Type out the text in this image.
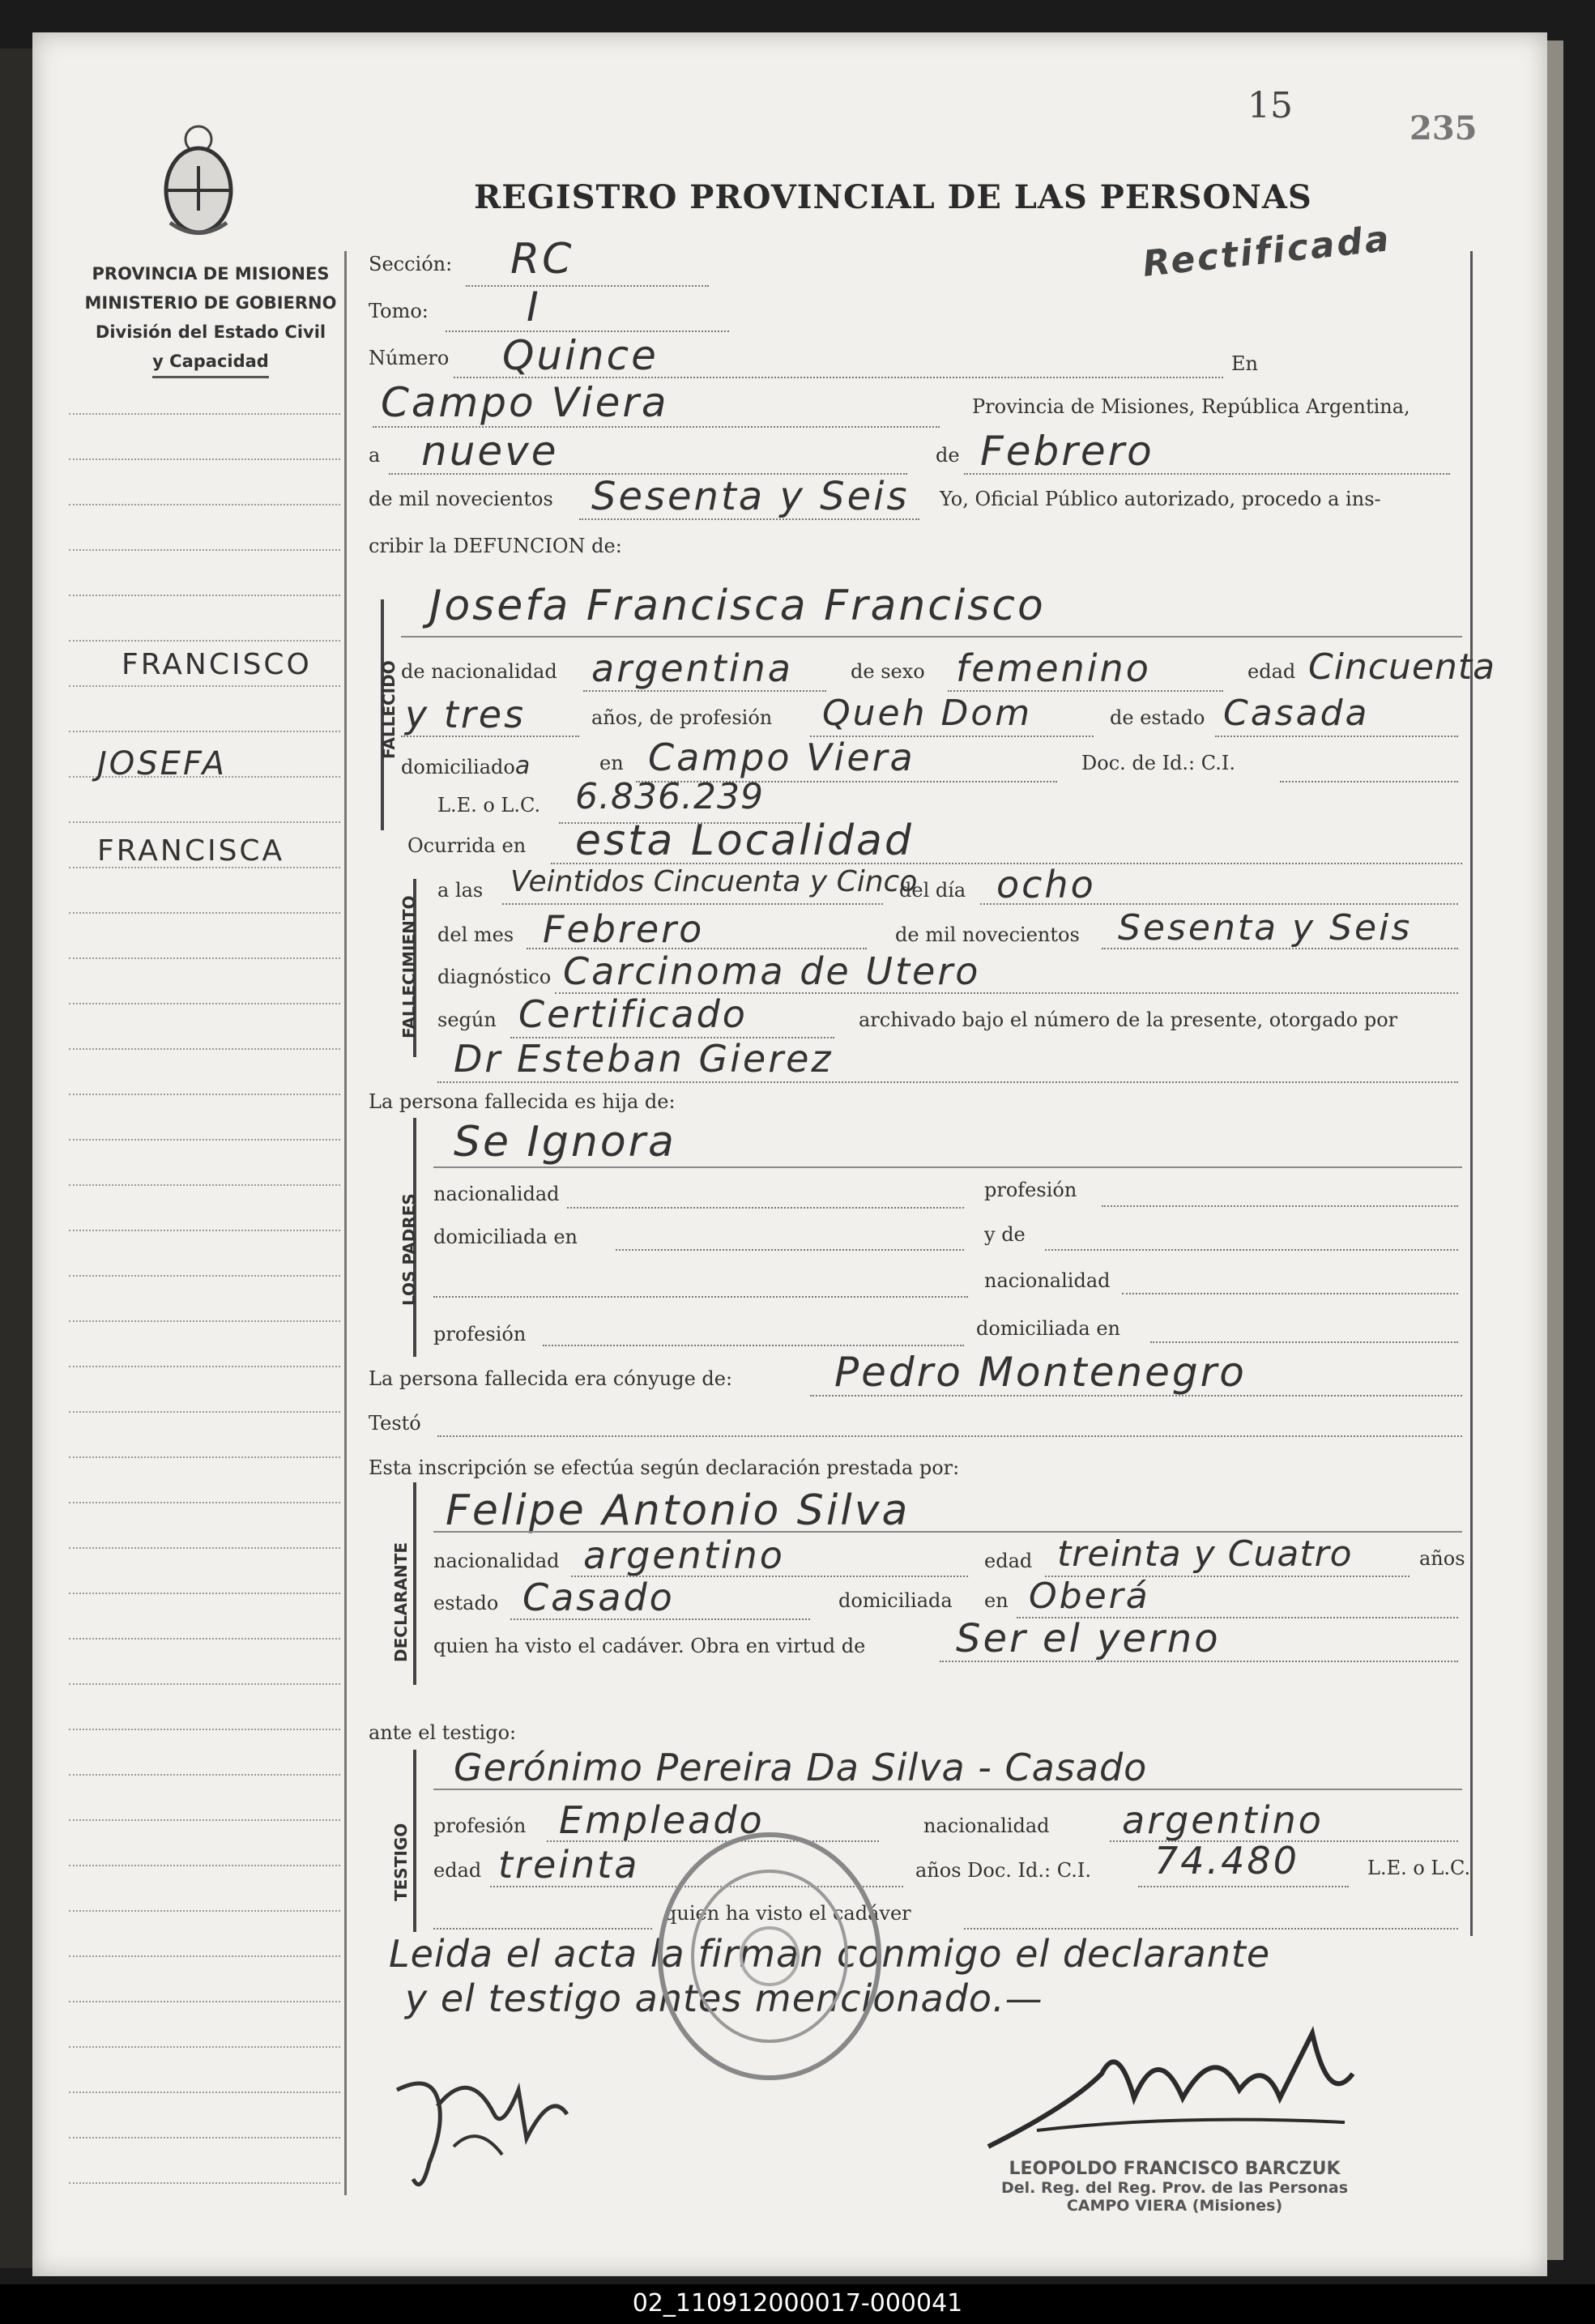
15
235
REGISTRO PROVINCIAL DE LAS PERSONAS
Rectificada
PROVINCIA DE MISIONES
MINISTERIO DE GOBIERNO
División del Estado Civil
y Capacidad
FRANCISCO
JOSEFA
FRANCISCA
Sección: RC
Tomo: I
Número Quince	En
Campo Viera	Provincia de Misiones, República Argentina,
a nueve	de Febrero
de mil novecientos Sesenta y Seis Yo, Oficial Público autorizado, procedo a ins-
cribir la DEFUNCION de:
FALLECIDO
Josefa Francisca Francisco
de nacionalidad argentina	de sexo femenino	edad Cincuenta
y tres	años, de profesión Queh Dom	de estado Casada
domiciliadoa	en Campo Viera	Doc. de Id.: C.I.
L.E. o L.C. 6.836.239
Ocurrida en esta Localidad
FALLECIMIENTO
a las Veintidos Cincuenta y Cinco
del día ocho
del mes Febrero	de mil novecientos Sesenta y Seis
diagnóstico Carcinoma de Utero
según Certificado	archivado bajo el número de la presente, otorgado por
Dr Esteban Gierez
La persona fallecida es hija de:
LOS PADRES
Se Ignora
nacionalidad	profesión
domiciliada en	y de
nacionalidad
profesión	domiciliada en
La persona fallecida era cónyuge de:	Pedro Montenegro
Testó
Esta inscripción se efectúa según declaración prestada por:
DECLARANTE
Felipe Antonio Silva
nacionalidad argentino	edad treinta y Cuatro	años
estado Casado	domiciliada en Oberá
quien ha visto el cadáver. Obra en virtud de Ser el yerno
ante el testigo:
TESTIGO
Gerónimo Pereira Da Silva - Casado
profesión Empleado	nacionalidad argentino
edad treinta	años Doc. Id.: C.I. 74.480	L.E. o L.C.
quien ha visto el cadáver
Leida el acta la firman conmigo el declarante
y el testigo antes mencionado.—
LEOPOLDO FRANCISCO BARCZUK
Del. Reg. del Reg. Prov. de las Personas
CAMPO VIERA (Misiones)
02_110912000017-000041
